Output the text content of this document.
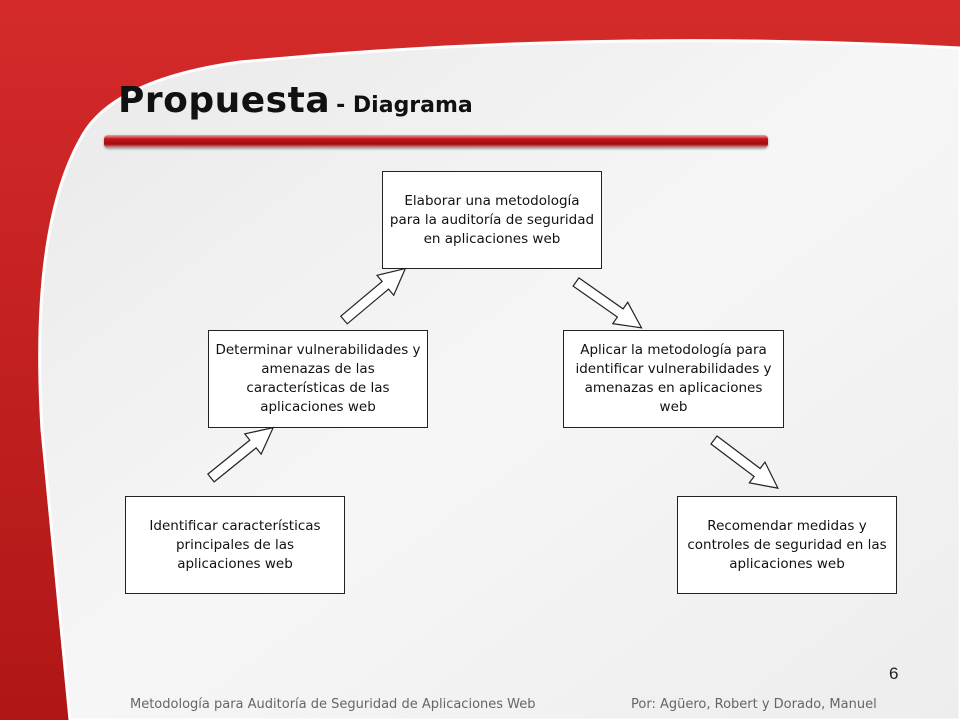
Propuesta - Diagrama
Elaborar una metodología para la auditoría de seguridad en aplicaciones web
Determinar vulnerabilidades y amenazas de las características de las aplicaciones web
Aplicar la metodología para identificar vulnerabilidades y amenazas en aplicaciones web
Identificar características principales de las aplicaciones web
Recomendar medidas y controles de seguridad en las aplicaciones web
6
Metodología para Auditoría de Seguridad de Aplicaciones Web	Por: Agüero, Robert y Dorado, Manuel
